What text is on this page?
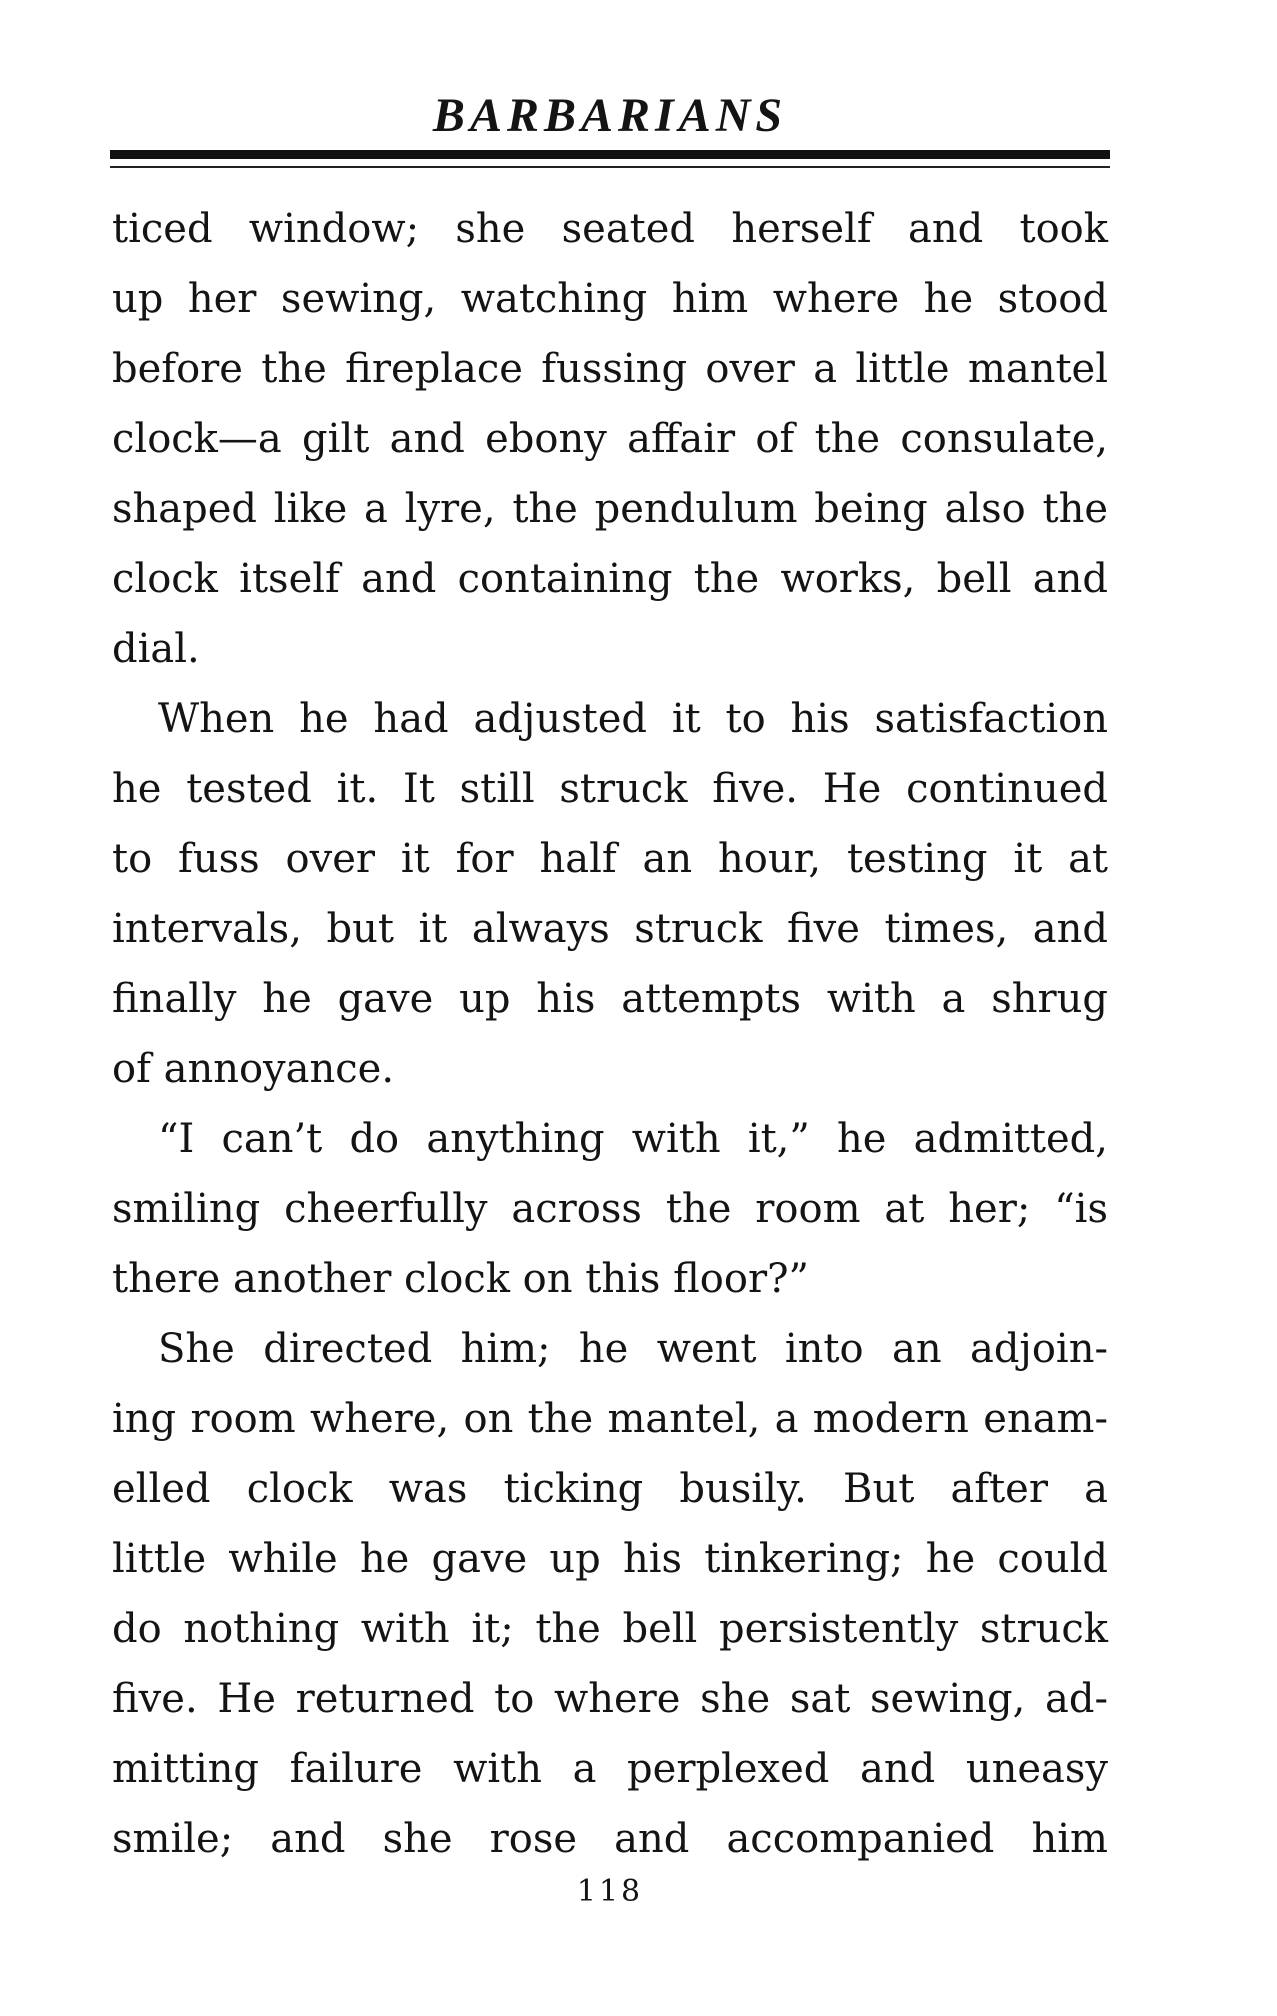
BARBARIANS
ticed window; she seated herself and took
up her sewing, watching him where he stood
before the fireplace fussing over a little mantel
clock—a gilt and ebony affair of the consulate,
shaped like a lyre, the pendulum being also the
clock itself and containing the works, bell and
dial.
When he had adjusted it to his satisfaction
he tested it. It still struck five. He continued
to fuss over it for half an hour, testing it at
intervals, but it always struck five times, and
finally he gave up his attempts with a shrug
of annoyance.
“I can’t do anything with it,” he admitted,
smiling cheerfully across the room at her; “is
there another clock on this floor?”
She directed him; he went into an adjoin-
ing room where, on the mantel, a modern enam-
elled clock was ticking busily. But after a
little while he gave up his tinkering; he could
do nothing with it; the bell persistently struck
five. He returned to where she sat sewing, ad-
mitting failure with a perplexed and uneasy
smile; and she rose and accompanied him
118
